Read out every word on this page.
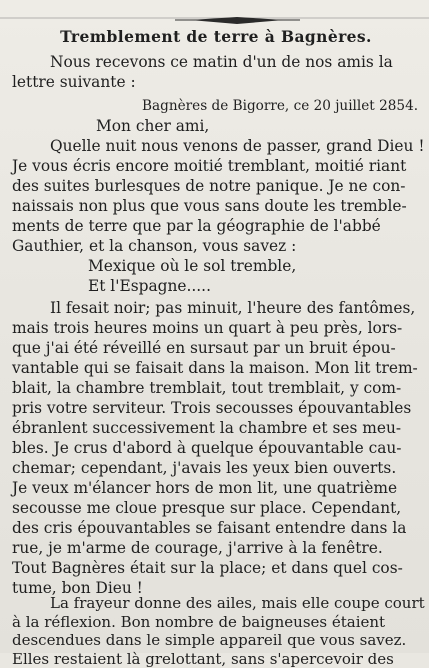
Tremblement de terre à Bagnères.
Nous recevons ce matin d'un de nos amis la
lettre suivante :
Bagnères de Bigorre, ce 20 juillet 2854.
Mon cher ami,
Quelle nuit nous venons de passer, grand Dieu !
Je vous écris encore moitié tremblant, moitié riant
des suites burlesques de notre panique. Je ne con-
naissais non plus que vous sans doute les tremble-
ments de terre que par la géographie de l'abbé
Gauthier, et la chanson, vous savez :
Mexique où le sol tremble,
Et l'Espagne.....
Il fesait noir; pas minuit, l'heure des fantômes,
mais trois heures moins un quart à peu près, lors-
que j'ai été réveillé en sursaut par un bruit épou-
vantable qui se faisait dans la maison. Mon lit trem-
blait, la chambre tremblait, tout tremblait, y com-
pris votre serviteur. Trois secousses épouvantables
ébranlent successivement la chambre et ses meu-
bles. Je crus d'abord à quelque épouvantable cau-
chemar; cependant, j'avais les yeux bien ouverts.
Je veux m'élancer hors de mon lit, une quatrième
secousse me cloue presque sur place. Cependant,
des cris épouvantables se faisant entendre dans la
rue, je m'arme de courage, j'arrive à la fenêtre.
Tout Bagnères était sur la place; et dans quel cos-
tume, bon Dieu !
La frayeur donne des ailes, mais elle coupe court
à la réflexion. Bon nombre de baigneuses étaient
descendues dans le simple appareil que vous savez.
Elles restaient là grelottant, sans s'apercevoir des
